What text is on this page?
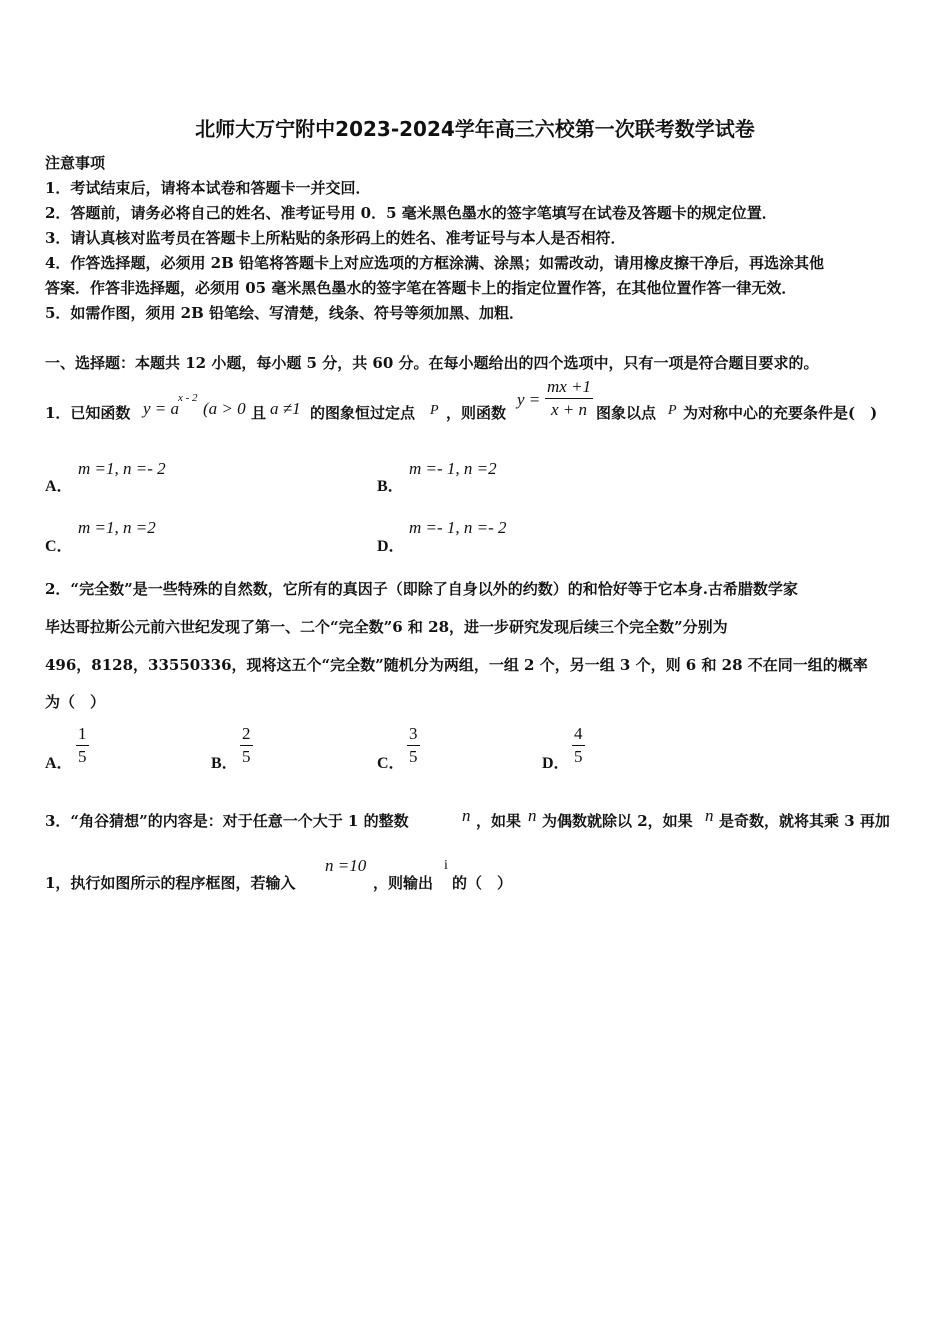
北师大万宁附中2023-2024学年高三六校第一次联考数学试卷
注意事项
1．考试结束后，请将本试卷和答题卡一并交回．
2．答题前，请务必将自己的姓名、准考证号用 0．5 毫米黑色墨水的签字笔填写在试卷及答题卡的规定位置．
3．请认真核对监考员在答题卡上所粘贴的条形码上的姓名、准考证号与本人是否相符．
4．作答选择题，必须用 2B 铅笔将答题卡上对应选项的方框涂满、涂黑；如需改动，请用橡皮擦干净后，再选涂其他
答案．作答非选择题，必须用 05 毫米黑色墨水的签字笔在答题卡上的指定位置作答，在其他位置作答一律无效．
5．如需作图，须用 2B 铅笔绘、写清楚，线条、符号等须加黑、加粗．
一、选择题：本题共 12 小题，每小题 5 分，共 60 分。在每小题给出的四个选项中，只有一项是符合题目要求的。
1．已知函数 y = a
x - 2
(a > 0 且 a ≠1 的图象恒过定点 P ，则函数
y =
mx +1
x + n 图象以点 P 为对称中心的充要条件是(　)
A．
m =1, n =- 2
B．
m =- 1, n =2
C．
m =1, n =2
D．
m =- 1, n =- 2
2．“完全数”是一些特殊的自然数，它所有的真因子（即除了自身以外的约数）的和恰好等于它本身.古希腊数学家
毕达哥拉斯公元前六世纪发现了第一、二个“完全数”6 和 28，进一步研究发现后续三个完全数”分别为
496，8128，33550336，现将这五个“完全数”随机分为两组，一组 2 个，另一组 3 个，则 6 和 28 不在同一组的概率
为（　）
A．
1
5	B．
2
5	C．
3
5	D．
4
5
3．“角谷猜想”的内容是：对于任意一个大于 1 的整数	n ，如果 n 为偶数就除以 2，如果 n 是奇数，就将其乘 3 再加
1，执行如图所示的程序框图，若输入
n =10
，则输出
i
的（　）
